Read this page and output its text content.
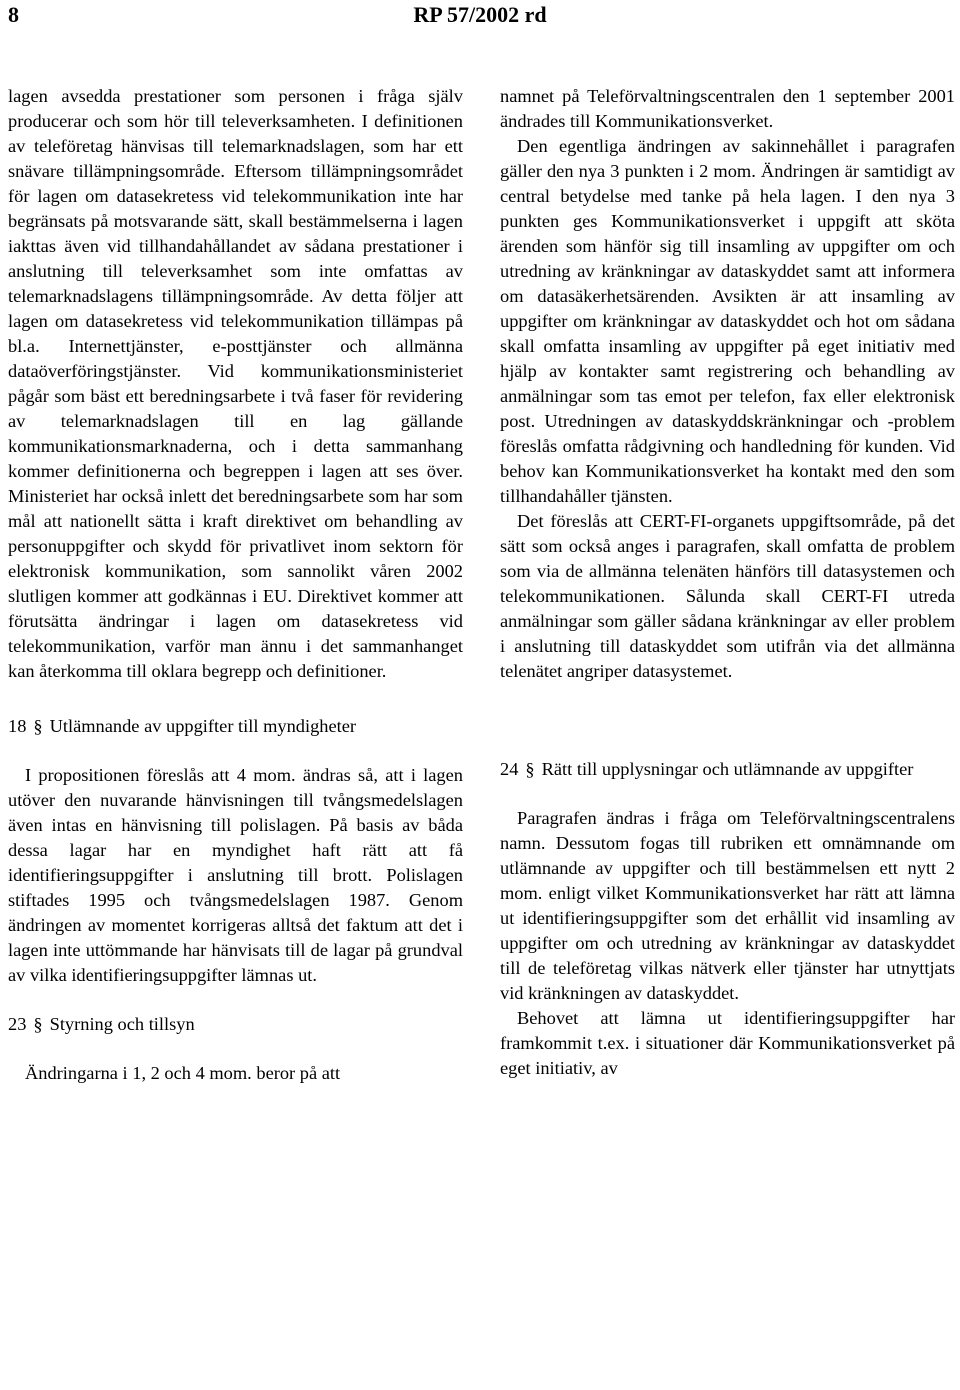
8	RP 57/2002 rd

lagen avsedda prestationer som personen i fråga själv producerar och som hör till televerksamheten. I definitionen av teleföretag hänvisas till telemarknadslagen, som har ett snävare tillämpningsområde. Eftersom tillämpningsområdet för lagen om datasekretess vid telekommunikation inte har begränsats på motsvarande sätt, skall bestämmelserna i lagen iakttas även vid tillhandahållandet av sådana prestationer i anslutning till televerksamhet som inte omfattas av telemarknadslagens tillämpningsområde. Av detta följer att lagen om datasekretess vid telekommunikation tillämpas på bl.a. Internettjänster, e-posttjänster och allmänna dataöverföringstjänster. Vid kommunikationsministeriet pågår som bäst ett beredningsarbete i två faser för revidering av telemarknadslagen till en lag gällande kommunikationsmarknaderna, och i detta sammanhang kommer definitionerna och begreppen i lagen att ses över. Ministeriet har också inlett det beredningsarbete som har som mål att nationellt sätta i kraft direktivet om behandling av personuppgifter och skydd för privatlivet inom sektorn för elektronisk kommunikation, som sannolikt våren 2002 slutligen kommer att godkännas i EU. Direktivet kommer att förutsätta ändringar i lagen om datasekretess vid telekommunikation, varför man ännu i det sammanhanget kan återkomma till oklara begrepp och definitioner.

18 § Utlämnande av uppgifter till myndigheter

I propositionen föreslås att 4 mom. ändras så, att i lagen utöver den nuvarande hänvisningen till tvångsmedelslagen även intas en hänvisning till polislagen. På basis av båda dessa lagar har en myndighet haft rätt att få identifieringsuppgifter i anslutning till brott. Polislagen stiftades 1995 och tvångsmedelslagen 1987. Genom ändringen av momentet korrigeras alltså det faktum att det i lagen inte uttömmande har hänvisats till de lagar på grundval av vilka identifieringsuppgifter lämnas ut.

23 § Styrning och tillsyn

Ändringarna i 1, 2 och 4 mom. beror på att

namnet på Teleförvaltningscentralen den 1 september 2001 ändrades till Kommunikationsverket.

Den egentliga ändringen av sakinnehållet i paragrafen gäller den nya 3 punkten i 2 mom. Ändringen är samtidigt av central betydelse med tanke på hela lagen. I den nya 3 punkten ges Kommunikationsverket i uppgift att sköta ärenden som hänför sig till insamling av uppgifter om och utredning av kränkningar av dataskyddet samt att informera om datasäkerhetsärenden. Avsikten är att insamling av uppgifter om kränkningar av dataskyddet och hot om sådana skall omfatta insamling av uppgifter på eget initiativ med hjälp av kontakter samt registrering och behandling av anmälningar som tas emot per telefon, fax eller elektronisk post. Utredningen av dataskyddskränkningar och -problem föreslås omfatta rådgivning och handledning för kunden. Vid behov kan Kommunikationsverket ha kontakt med den som tillhandahåller tjänsten.

Det föreslås att CERT-FI-organets uppgiftsområde, på det sätt som också anges i paragrafen, skall omfatta de problem som via de allmänna telenäten hänförs till datasystemen och telekommunikationen. Sålunda skall CERT-FI utreda anmälningar som gäller sådana kränkningar av eller problem i anslutning till dataskyddet som utifrån via det allmänna telenätet angriper datasystemet.

24 § Rätt till upplysningar och utlämnande av uppgifter

Paragrafen ändras i fråga om Teleförvaltningscentralens namn. Dessutom fogas till rubriken ett omnämnande om utlämnande av uppgifter och till bestämmelsen ett nytt 2 mom. enligt vilket Kommunikationsverket har rätt att lämna ut identifieringsuppgifter som det erhållit vid insamling av uppgifter om och utredning av kränkningar av dataskyddet till de teleföretag vilkas nätverk eller tjänster har utnyttjats vid kränkningen av dataskyddet.

Behovet att lämna ut identifieringsuppgifter har framkommit t.ex. i situationer där Kommunikationsverket på eget initiativ, av
